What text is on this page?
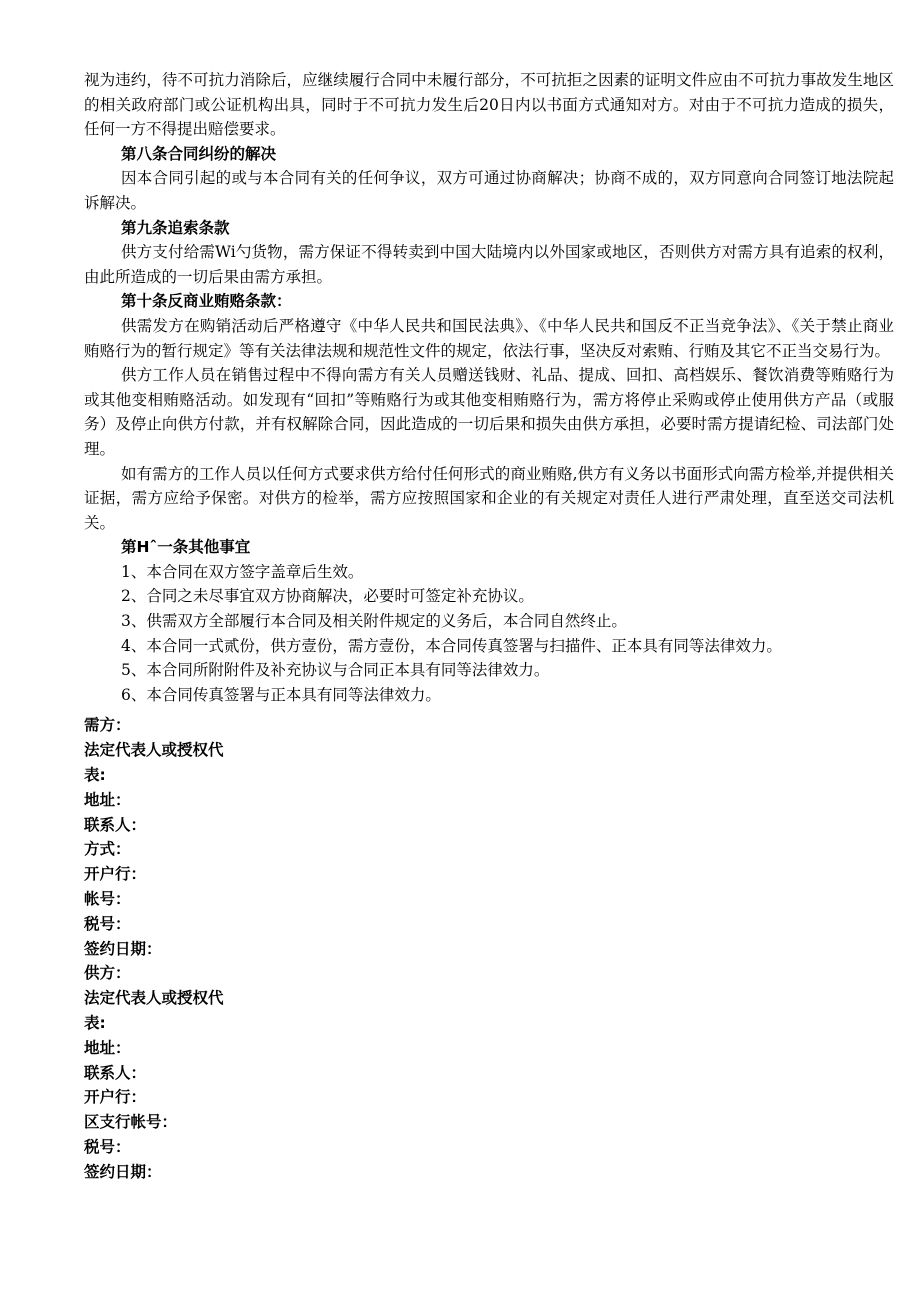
视为违约，待不可抗力消除后，应继续履行合同中未履行部分，不可抗拒之因素的证明文件应由不可抗力事故发生地区的相关政府部门或公证机构出具，同时于不可抗力发生后20日内以书面方式通知对方。对由于不可抗力造成的损失，任何一方不得提出赔偿要求。

第八条合同纠纷的解决

因本合同引起的或与本合同有关的任何争议，双方可通过协商解决；协商不成的，双方同意向合同签订地法院起诉解决。

第九条追索条款

供方支付给需Wi勺货物，需方保证不得转卖到中国大陆境内以外国家或地区，否则供方对需方具有追索的权利，由此所造成的一切后果由需方承担。

第十条反商业贿赂条款：

供需发方在购销活动后严格遵守《中华人民共和国民法典》、《中华人民共和国反不正当竞争法》、《关于禁止商业贿赂行为的暂行规定》等有关法律法规和规范性文件的规定，依法行事，坚决反对索贿、行贿及其它不正当交易行为。

供方工作人员在销售过程中不得向需方有关人员赠送钱财、礼品、提成、回扣、高档娱乐、餐饮消费等贿赂行为或其他变相贿赂活动。如发现有“回扣”等贿赂行为或其他变相贿赂行为，需方将停止采购或停止使用供方产品（或服务）及停止向供方付款，并有权解除合同，因此造成的一切后果和损失由供方承担，必要时需方提请纪检、司法部门处理。

如有需方的工作人员以任何方式要求供方给付任何形式的商业贿赂,供方有义务以书面形式向需方检举,并提供相关证据，需方应给予保密。对供方的检举，需方应按照国家和企业的有关规定对责任人进行严肃处理，直至送交司法机关。

第Hˆ一条其他事宜

1、本合同在双方签字盖章后生效。

2、合同之未尽事宜双方协商解决，必要时可签定补充协议。

3、供需双方全部履行本合同及相关附件规定的义务后，本合同自然终止。

4、本合同一式贰份，供方壹份，需方壹份，本合同传真签署与扫描件、正本具有同等法律效力。

5、本合同所附附件及补充协议与合同正本具有同等法律效力。

6、本合同传真签署与正本具有同等法律效力。

需方：
法定代表人或授权代表:
地址：
联系人：
方式：
开户行：
帐号：
税号：
签约日期：
供方：
法定代表人或授权代表:
地址：
联系人：
开户行：
区支行帐号：
税号：
签约日期：
